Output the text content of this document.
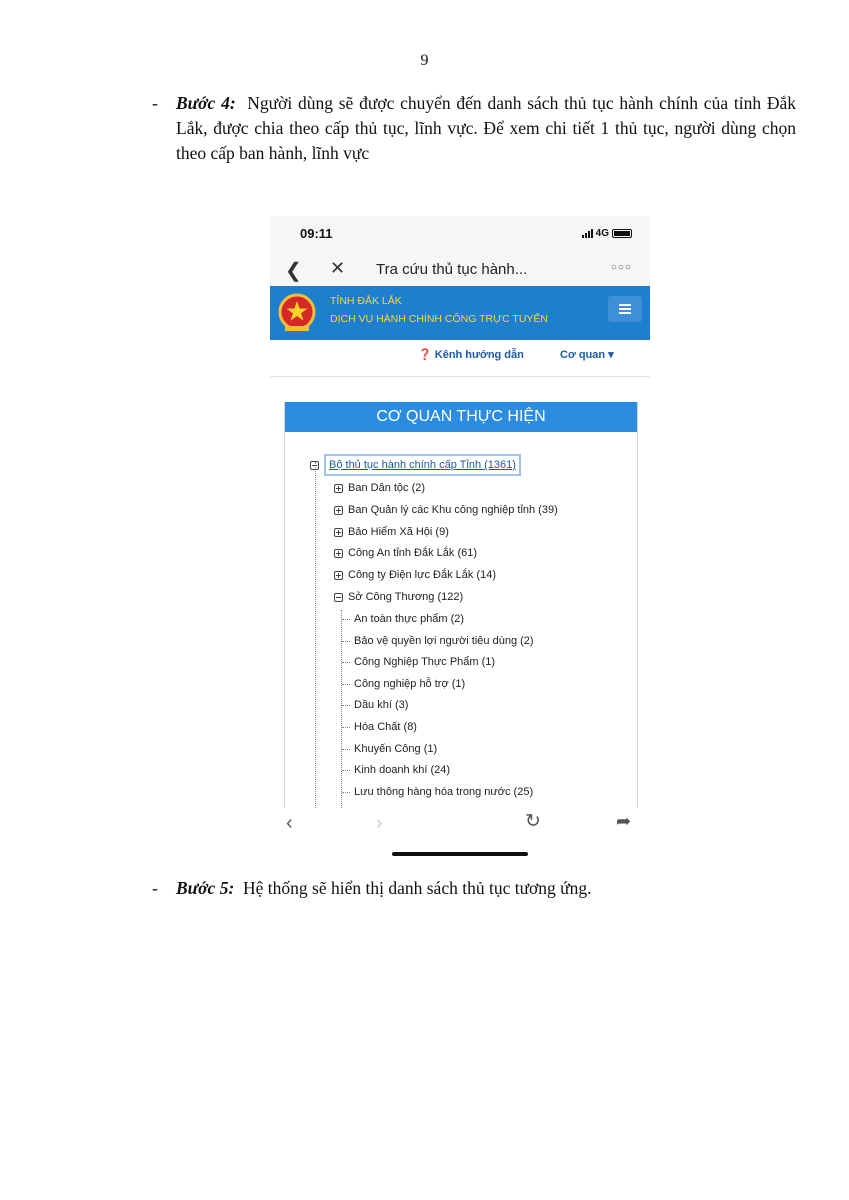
9
- Bước 4: Người dùng sẽ được chuyển đến danh sách thủ tục hành chính của tỉnh Đắk Lắk, được chia theo cấp thủ tục, lĩnh vực. Để xem chi tiết 1 thủ tục, người dùng chọn theo cấp ban hành, lĩnh vực
09:11	4G
❮ ✕ Tra cứu thủ tục hành...	○○○
TỈNH ĐẮK LẮK
DỊCH VỤ HÀNH CHÍNH CÔNG TRỰC TUYẾN
❓ Kênh hướng dẫn	Cơ quan ▾
CƠ QUAN THỰC HIỆN
Bộ thủ tục hành chính cấp Tỉnh (1361)
Ban Dân tộc (2)
Ban Quản lý các Khu công nghiệp tỉnh (39)
Bảo Hiểm Xã Hội (9)
Công An tỉnh Đắk Lắk (61)
Công ty Điện lực Đắk Lắk (14)
Sở Công Thương (122)
An toàn thực phẩm (2)
Bảo vệ quyền lợi người tiêu dùng (2)
Công Nghiệp Thực Phẩm (1)
Công nghiệp hỗ trợ (1)
Dầu khí (3)
Hóa Chất (8)
Khuyến Công (1)
Kinh doanh khí (24)
Lưu thông hàng hóa trong nước (25)
‹	›	↻	➦
- Bước 5: Hệ thống sẽ hiển thị danh sách thủ tục tương ứng.
